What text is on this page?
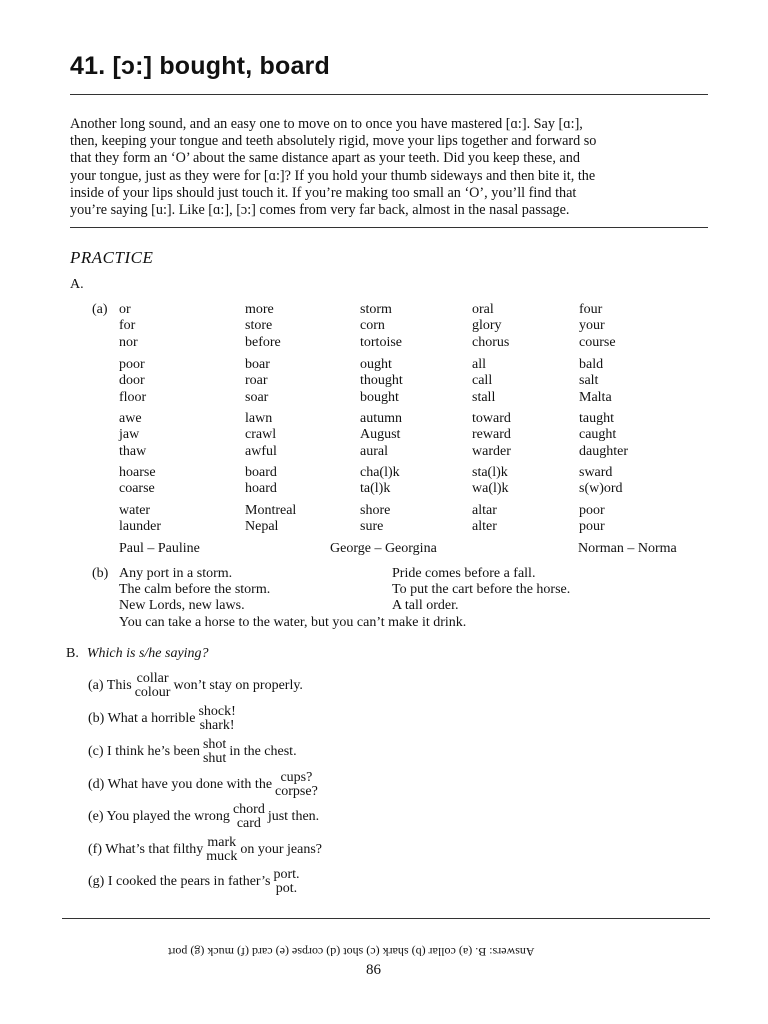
41. [ɔ:] bought, board
Another long sound, and an easy one to move on to once you have mastered [ɑ:]. Say [ɑ:],
then, keeping your tongue and teeth absolutely rigid, move your lips together and forward so
that they form an ‘O’ about the same distance apart as your teeth. Did you keep these, and
your tongue, just as they were for [ɑ:]? If you hold your thumb sideways and then bite it, the
inside of your lips should just touch it. If you’re making too small an ‘O’, you’ll find that
you’re saying [u:]. Like [ɑ:], [ɔ:] comes from very far back, almost in the nasal passage.
PRACTICE
A.
(a) or	more	storm	oral	four
for	store	corn	glory	your
nor	before	tortoise	chorus	course
poor	boar	ought	all	bald
door	roar	thought	call	salt
floor	soar	bought	stall	Malta
awe	lawn	autumn	toward	taught
jaw	crawl	August	reward	caught
thaw	awful	aural	warder	daughter
hoarse	board	cha(l)k	sta(l)k	sward
coarse	hoard	ta(l)k	wa(l)k	s(w)ord
water	Montreal	shore	altar	poor
launder	Nepal	sure	alter	pour
Paul – Pauline	George – Georgina	Norman – Norma
(b) Any port in a storm.
The calm before the storm.
New Lords, new laws.
Pride comes before a fall.
To put the cart before the horse.
A tall order.
You can take a horse to the water, but you can’t make it drink.
B. Which is s/he saying?
(a) This collar
colour won’t stay on properly.
(b) What a horrible shock!
shark!
(c) I think he’s been shot
shut in the chest.
(d) What have you done with the cups?
corpse?
(e) You played the wrong chord
card just then.
(f) What’s that filthy mark
muck on your jeans?
(g) I cooked the pears in father’s port.
pot.
Answers: B. (a) collar (b) shark (c) shot (d) corpse (e) card (f) muck (g) port
86
